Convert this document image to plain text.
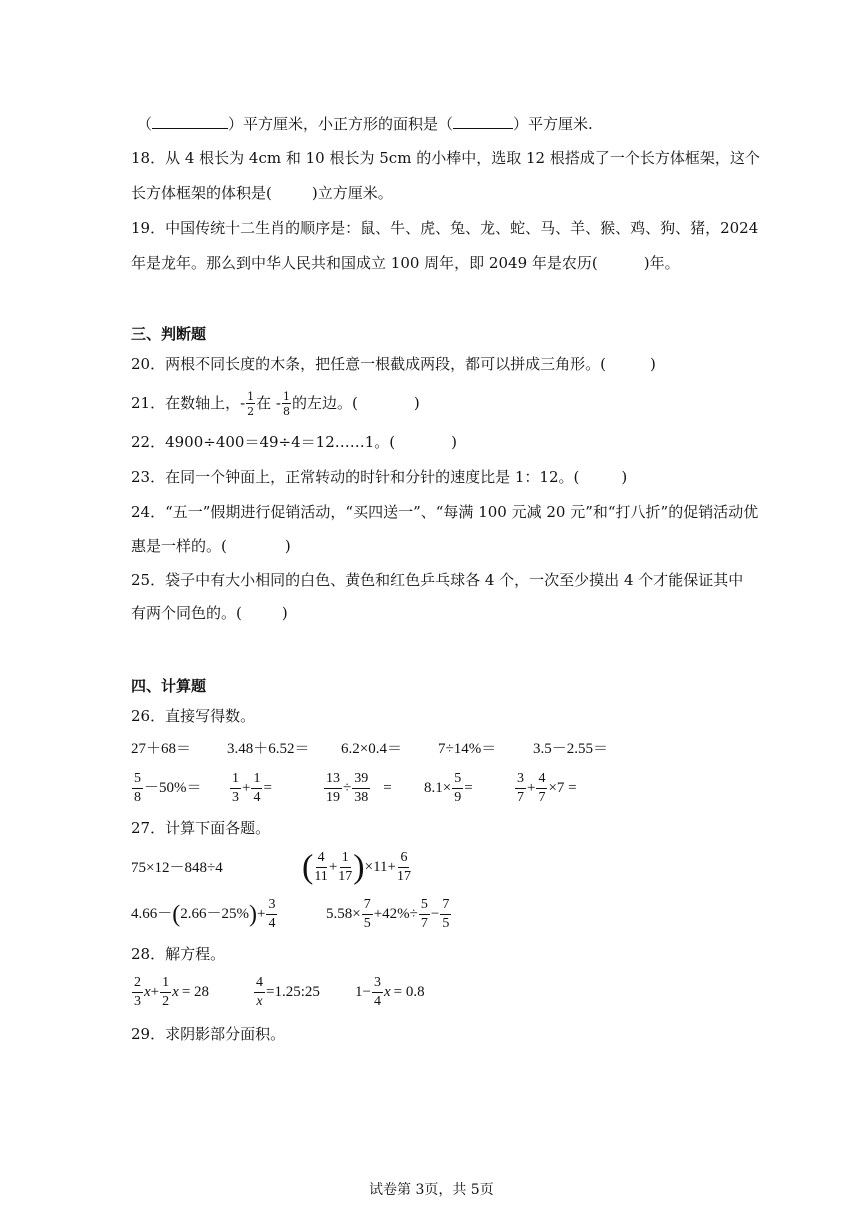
（	）平方厘米，小正方形的面积是（	）平方厘米.
18．从 4 根长为 4cm 和 10 根长为 5cm 的小棒中，选取 12 根搭成了一个长方体框架，这个
长方体框架的体积是(	)立方厘米。
19．中国传统十二生肖的顺序是：鼠、牛、虎、兔、龙、蛇、马、羊、猴、鸡、狗、猪，2024
年是龙年。那么到中华人民共和国成立 100 周年，即 2049 年是农历(	)年。
三、判断题
20．两根不同长度的木条，把任意一根截成两段，都可以拼成三角形。(	)
21．在数轴上，- $\frac{1}{2}$ 在 - $\frac{1}{8}$ 的左边。(	)
22．4900÷400＝49÷4＝12……1。(	)
23．在同一个钟面上，正常转动的时针和分针的速度比是 1：12。(	)
24．“五一”假期进行促销活动，“买四送一”、“每满 100 元减 20 元”和“打八折”的促销活动优
惠是一样的。(	)
25．袋子中有大小相同的白色、黄色和红色乒乓球各 4 个，一次至少摸出 4 个才能保证其中
有两个同色的。(	)
四、计算题
26．直接写得数。
27＋68＝ 3.48＋6.52＝ 6.2×0.4＝ 7÷14%＝ 3.5－2.55＝
$\frac{5}{8} -50\%= \frac{1}{3} + \frac{1}{4}$ =	$\frac{13}{19} \div \frac{39}{38} = 8.1\times \frac{5}{9}$ =	$\frac{3}{7} + \frac{4}{7} \times 7$ =
27．计算下面各题。
75×12－848÷4 ( $\frac{4}{11} + \frac{1}{17} )\times 11+ \frac{6}{17}$
$4.66-(2.66-25\%)+ \frac{3}{4}$	$5.58\times \frac{7}{5} +42\%\div \frac{5}{7} - \frac{7}{5}$
28．解方程。
$\frac{2}{3} x+ \frac{1}{2}$ x = 28	$\frac{4}{x}$ =1.25:25 $1- \frac{3}{4}$ x = 0.8
29．求阴影部分面积。
试卷第 3页，共 5页
